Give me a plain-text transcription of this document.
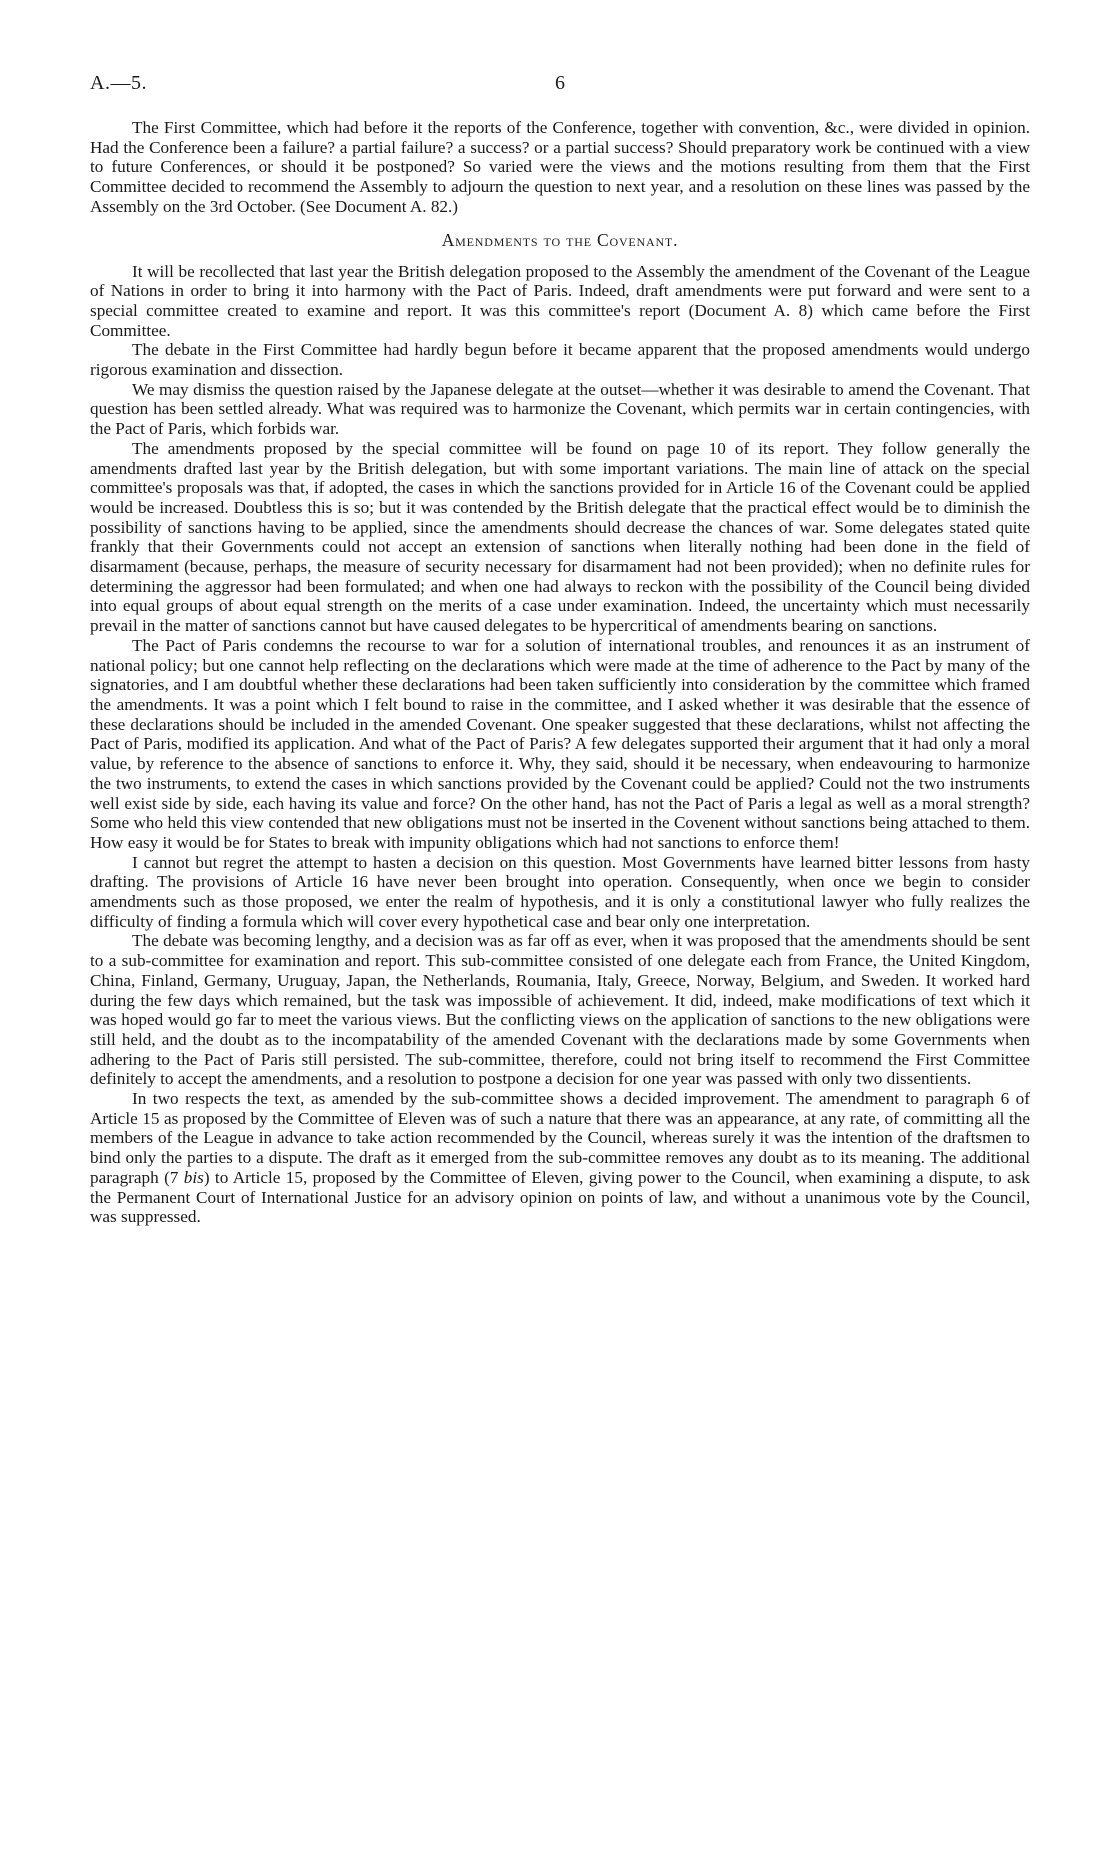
A.—5.	6

The First Committee, which had before it the reports of the Conference, together with convention, &c., were divided in opinion. Had the Conference been a failure? a partial failure? a success? or a partial success? Should preparatory work be continued with a view to future Conferences, or should it be postponed? So varied were the views and the motions resulting from them that the First Committee decided to recommend the Assembly to adjourn the question to next year, and a resolution on these lines was passed by the Assembly on the 3rd October. (See Document A. 82.)

Amendments to the Covenant.

It will be recollected that last year the British delegation proposed to the Assembly the amendment of the Covenant of the League of Nations in order to bring it into harmony with the Pact of Paris. Indeed, draft amendments were put forward and were sent to a special committee created to examine and report. It was this committee's report (Document A. 8) which came before the First Committee.

The debate in the First Committee had hardly begun before it became apparent that the proposed amendments would undergo rigorous examination and dissection.

We may dismiss the question raised by the Japanese delegate at the outset—whether it was desirable to amend the Covenant. That question has been settled already. What was required was to harmonize the Covenant, which permits war in certain contingencies, with the Pact of Paris, which forbids war.

The amendments proposed by the special committee will be found on page 10 of its report. They follow generally the amendments drafted last year by the British delegation, but with some important variations. The main line of attack on the special committee's proposals was that, if adopted, the cases in which the sanctions provided for in Article 16 of the Covenant could be applied would be increased. Doubtless this is so; but it was contended by the British delegate that the practical effect would be to diminish the possibility of sanctions having to be applied, since the amendments should decrease the chances of war. Some delegates stated quite frankly that their Governments could not accept an extension of sanctions when literally nothing had been done in the field of disarmament (because, perhaps, the measure of security necessary for disarmament had not been provided); when no definite rules for determining the aggressor had been formulated; and when one had always to reckon with the possibility of the Council being divided into equal groups of about equal strength on the merits of a case under examination. Indeed, the uncertainty which must necessarily prevail in the matter of sanctions cannot but have caused delegates to be hypercritical of amendments bearing on sanctions.

The Pact of Paris condemns the recourse to war for a solution of international troubles, and renounces it as an instrument of national policy; but one cannot help reflecting on the declarations which were made at the time of adherence to the Pact by many of the signatories, and I am doubtful whether these declarations had been taken sufficiently into consideration by the committee which framed the amendments. It was a point which I felt bound to raise in the committee, and I asked whether it was desirable that the essence of these declarations should be included in the amended Covenant. One speaker suggested that these declarations, whilst not affecting the Pact of Paris, modified its application. And what of the Pact of Paris? A few delegates supported their argument that it had only a moral value, by reference to the absence of sanctions to enforce it. Why, they said, should it be necessary, when endeavouring to harmonize the two instruments, to extend the cases in which sanctions provided by the Covenant could be applied? Could not the two instruments well exist side by side, each having its value and force? On the other hand, has not the Pact of Paris a legal as well as a moral strength? Some who held this view contended that new obligations must not be inserted in the Covenent without sanctions being attached to them. How easy it would be for States to break with impunity obligations which had not sanctions to enforce them!

I cannot but regret the attempt to hasten a decision on this question. Most Governments have learned bitter lessons from hasty drafting. The provisions of Article 16 have never been brought into operation. Consequently, when once we begin to consider amendments such as those proposed, we enter the realm of hypothesis, and it is only a constitutional lawyer who fully realizes the difficulty of finding a formula which will cover every hypothetical case and bear only one interpretation.

The debate was becoming lengthy, and a decision was as far off as ever, when it was proposed that the amendments should be sent to a sub-committee for examination and report. This sub-committee consisted of one delegate each from France, the United Kingdom, China, Finland, Germany, Uruguay, Japan, the Netherlands, Roumania, Italy, Greece, Norway, Belgium, and Sweden. It worked hard during the few days which remained, but the task was impossible of achievement. It did, indeed, make modifications of text which it was hoped would go far to meet the various views. But the conflicting views on the application of sanctions to the new obligations were still held, and the doubt as to the incompatability of the amended Covenant with the declarations made by some Governments when adhering to the Pact of Paris still persisted. The sub-committee, therefore, could not bring itself to recommend the First Committee definitely to accept the amendments, and a resolution to postpone a decision for one year was passed with only two dissentients.

In two respects the text, as amended by the sub-committee shows a decided improvement. The amendment to paragraph 6 of Article 15 as proposed by the Committee of Eleven was of such a nature that there was an appearance, at any rate, of committing all the members of the League in advance to take action recommended by the Council, whereas surely it was the intention of the draftsmen to bind only the parties to a dispute. The draft as it emerged from the sub-committee removes any doubt as to its meaning. The additional paragraph (7 bis) to Article 15, proposed by the Committee of Eleven, giving power to the Council, when examining a dispute, to ask the Permanent Court of International Justice for an advisory opinion on points of law, and without a unanimous vote by the Council, was suppressed.
